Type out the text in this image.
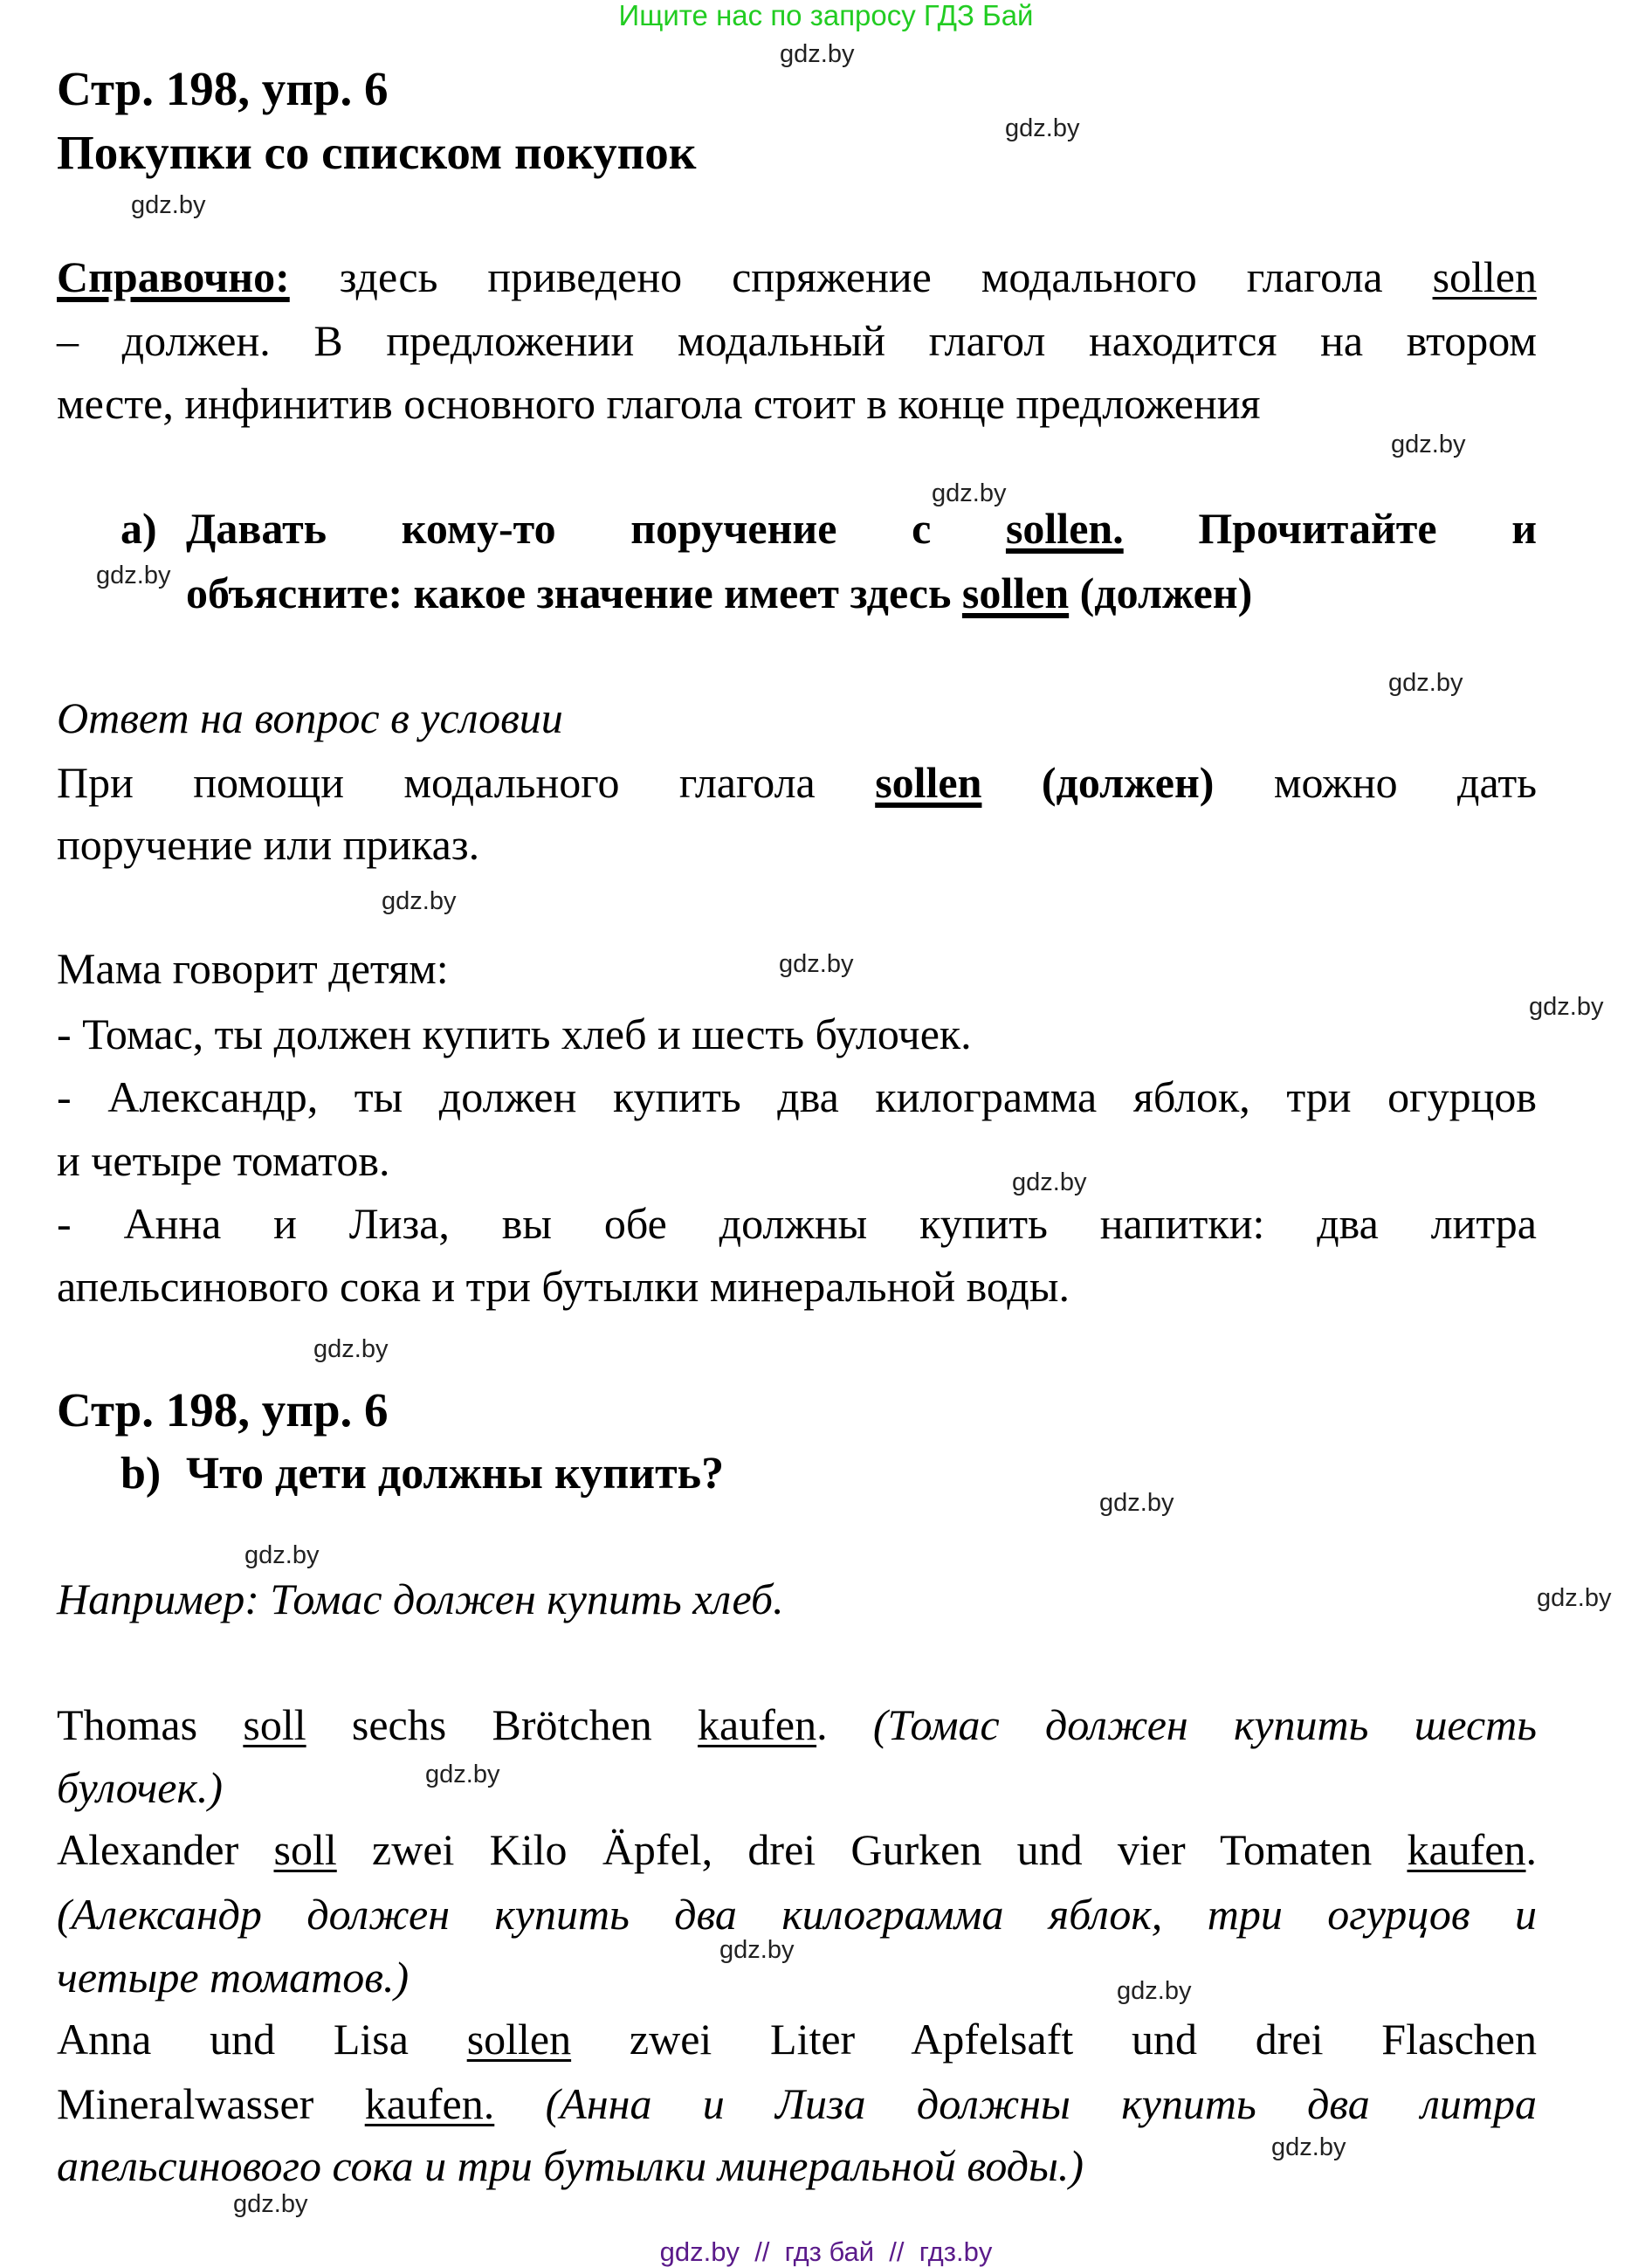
Ищите нас по запросу ГДЗ Бай
gdz.by
gdz.by
gdz.by
gdz.by
gdz.by
gdz.by
gdz.by
gdz.by
gdz.by
gdz.by
gdz.by
gdz.by
gdz.by
gdz.by
gdz.by
gdz.by
gdz.by
gdz.by
gdz.by
gdz.by
Стр. 198, упр. 6
Покупки со списком покупок
Справочно: здесь приведено спряжение модального глагола sollen
– должен. В предложении модальный глагол находится на втором
месте, инфинитив основного глагола стоит в конце предложения
a) Давать кому-то поручение с sollen. Прочитайте и
объясните: какое значение имеет здесь sollen (должен)
Ответ на вопрос в условии
При помощи модального глагола sollen (должен) можно дать
поручение или приказ.
Мама говорит детям:
- Томас, ты должен купить хлеб и шесть булочек.
- Александр, ты должен купить два килограмма яблок, три огурцов
и четыре томатов.
- Анна и Лиза, вы обе должны купить напитки: два литра
апельсинового сока и три бутылки минеральной воды.
Стр. 198, упр. 6
b) Что дети должны купить?
Например: Томас должен купить хлеб.
Thomas soll sechs Brötchen kaufen. (Томас должен купить шесть
булочек.)
Alexander soll zwei Kilo Äpfel, drei Gurken und vier Tomaten kaufen.
(Александр должен купить два килограмма яблок, три огурцов и
четыре томатов.)
Anna und Lisa sollen zwei Liter Apfelsaft und drei Flaschen
Mineralwasser kaufen. (Анна и Лиза должны купить два литра
апельсинового сока и три бутылки минеральной воды.)
gdz.by  //  гдз бай  //  гдз.by
